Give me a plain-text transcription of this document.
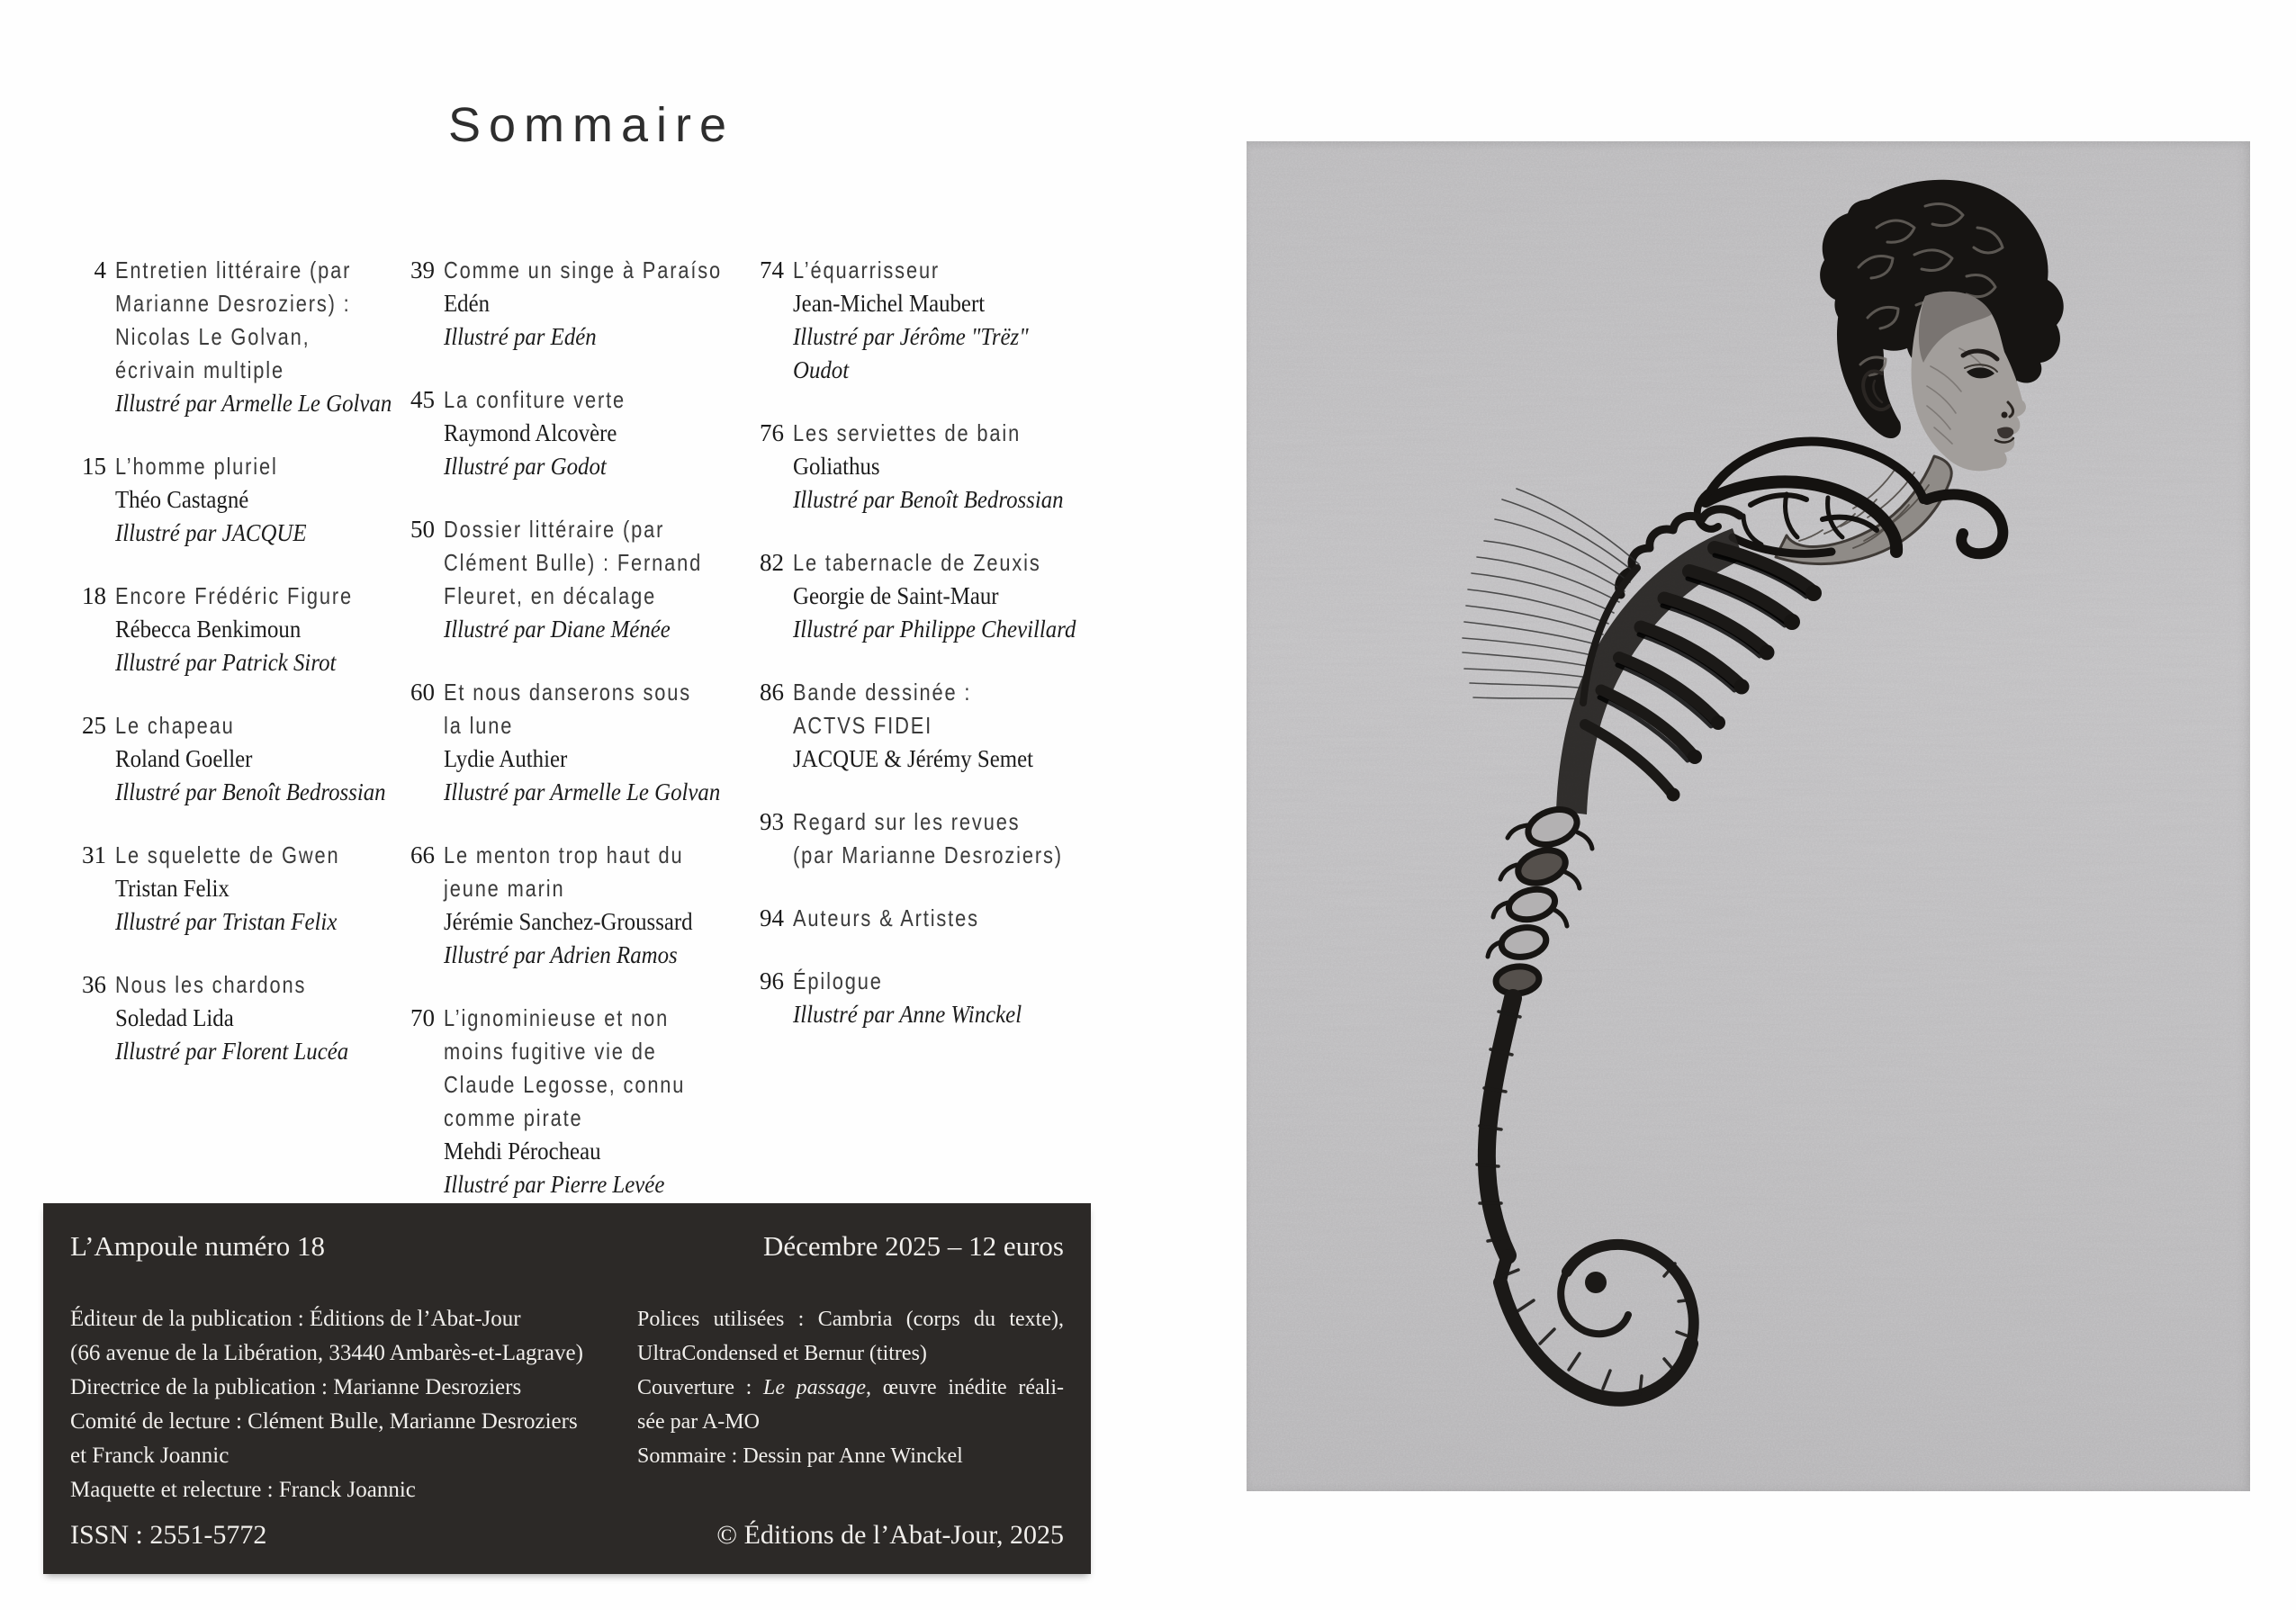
Sommaire
4 Entretien littéraire (par
Marianne Desroziers) :
Nicolas Le Golvan,
écrivain multiple
Illustré par Armelle Le Golvan
15 L’homme pluriel
Théo Castagné
Illustré par JACQUE
18 Encore Frédéric Figure
Rébecca Benkimoun
Illustré par Patrick Sirot
25 Le chapeau
Roland Goeller
Illustré par Benoît Bedrossian
31 Le squelette de Gwen
Tristan Felix
Illustré par Tristan Felix
36 Nous les chardons
Soledad Lida
Illustré par Florent Lucéa
39 Comme un singe à Paraíso
Edén
Illustré par Edén
45 La confiture verte
Raymond Alcovère
Illustré par Godot
50 Dossier littéraire (par
Clément Bulle) : Fernand
Fleuret, en décalage
Illustré par Diane Ménée
60 Et nous danserons sous
la lune
Lydie Authier
Illustré par Armelle Le Golvan
66 Le menton trop haut du
jeune marin
Jérémie Sanchez-Groussard
Illustré par Adrien Ramos
70 L’ignominieuse et non
moins fugitive vie de
Claude Legosse, connu
comme pirate
Mehdi Pérocheau
Illustré par Pierre Levée
74 L’équarrisseur
Jean-Michel Maubert
Illustré par Jérôme "Trëz"
Oudot
76 Les serviettes de bain
Goliathus
Illustré par Benoît Bedrossian
82 Le tabernacle de Zeuxis
Georgie de Saint-Maur
Illustré par Philippe Chevillard
86 Bande dessinée :
ACTVS FIDEI
JACQUE & Jérémy Semet
93 Regard sur les revues
(par Marianne Desroziers)
94 Auteurs & Artistes
96 Épilogue
Illustré par Anne Winckel
L’Ampoule numéro 18	Décembre 2025 – 12 euros
Éditeur de la publication : Éditions de l’Abat-Jour
(66 avenue de la Libération, 33440 Ambarès-et-Lagrave)
Directrice de la publication : Marianne Desroziers
Comité de lecture : Clément Bulle, Marianne Desroziers
et Franck Joannic
Maquette et relecture : Franck Joannic
Polices utilisées : Cambria (corps du texte),
UltraCondensed et Bernur (titres)
Couverture : Le passage, œuvre inédite réali-
sée par A-MO
Sommaire : Dessin par Anne Winckel
ISSN : 2551-5772	© Éditions de l’Abat-Jour, 2025
